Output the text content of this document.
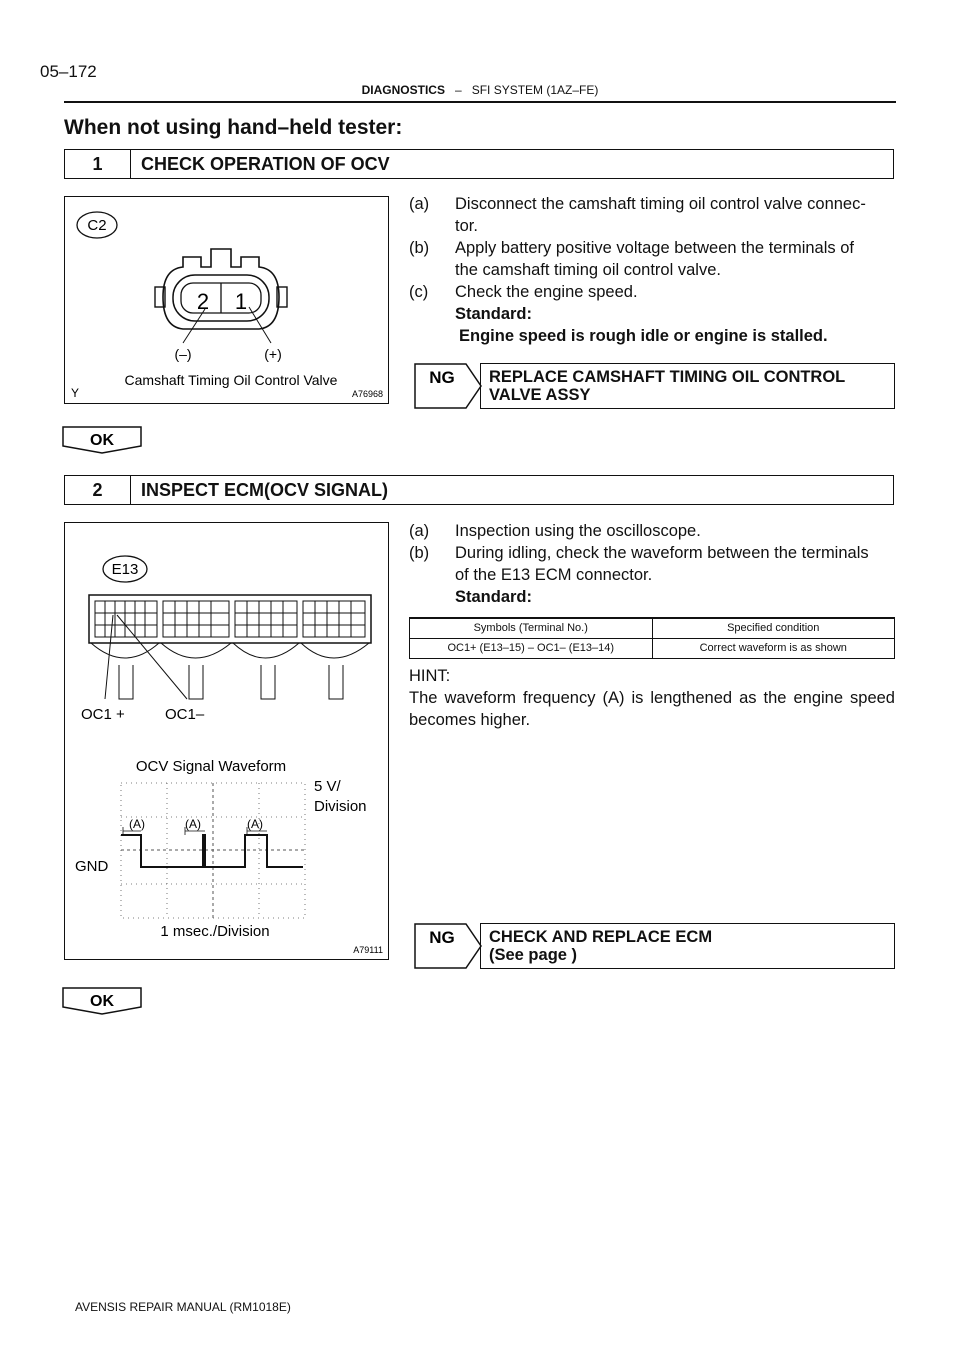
05–172
DIAGNOSTICS – SFI SYSTEM (1AZ–FE)
When not using hand–held tester:
1	CHECK OPERATION OF OCV
C2
2 1
(–)	(+)
Camshaft Timing Oil Control Valve
Y	A76968
(a)	Disconnect the camshaft timing oil control valve connec-
tor.
(b)	Apply battery positive voltage between the terminals of
the camshaft timing oil control valve.
(c)	Check the engine speed.
Standard:
Engine speed is rough idle or engine is stalled.
NG REPLACE CAMSHAFT TIMING OIL CONTROL
VALVE ASSY
OK
2	INSPECT ECM(OCV SIGNAL)
E13
OC1 +	OC1–
OCV Signal Waveform
5 V/
Division
(A)	(A)	(A)
GND
1 msec./Division
A79111
(a)	Inspection using the oscilloscope.
(b)	During idling, check the waveform between the terminals
of the E13 ECM connector.
Standard:
Symbols (Terminal No.)	Specified condition
OC1+ (E13–15) – OC1– (E13–14)	Correct waveform is as shown
HINT:
The waveform frequency (A) is lengthened as the engine speed becomes higher.
NG CHECK AND REPLACE ECM
(See page )
OK
AVENSIS REPAIR MANUAL (RM1018E)
